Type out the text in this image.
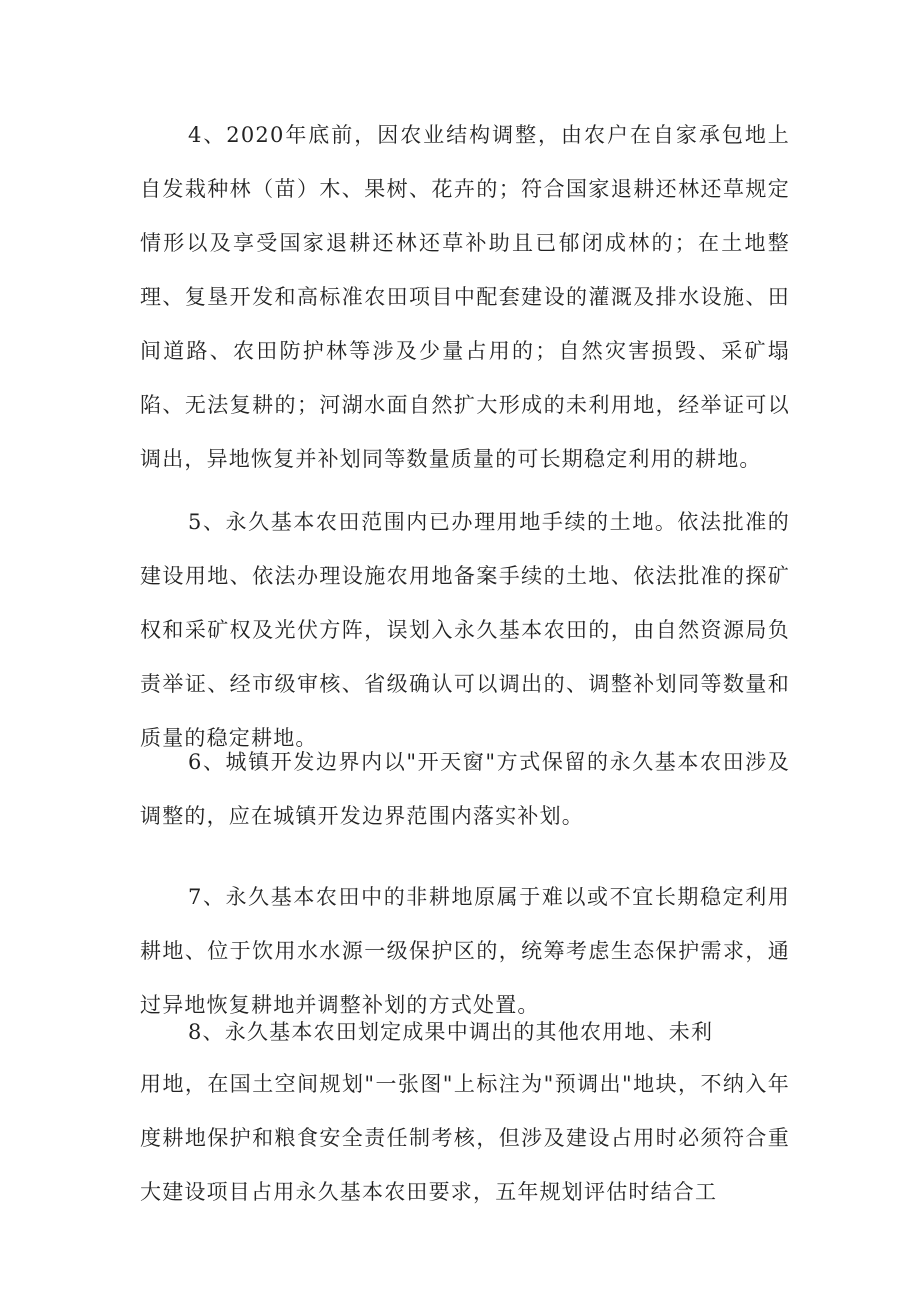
4、2020年底前，因农业结构调整，由农户在自家承包地上自发栽种林（苗）木、果树、花卉的；符合国家退耕还林还草规定情形以及享受国家退耕还林还草补助且已郁闭成林的；在土地整理、复垦开发和高标准农田项目中配套建设的灌溉及排水设施、田间道路、农田防护林等涉及少量占用的；自然灾害损毁、采矿塌陷、无法复耕的；河湖水面自然扩大形成的未利用地，经举证可以调出，异地恢复并补划同等数量质量的可长期稳定利用的耕地。

5、永久基本农田范围内已办理用地手续的土地。依法批准的建设用地、依法办理设施农用地备案手续的土地、依法批准的探矿权和采矿权及光伏方阵，误划入永久基本农田的，由自然资源局负责举证、经市级审核、省级确认可以调出的、调整补划同等数量和质量的稳定耕地。

6、城镇开发边界内以"开天窗"方式保留的永久基本农田涉及调整的，应在城镇开发边界范围内落实补划。

7、永久基本农田中的非耕地原属于难以或不宜长期稳定利用耕地、位于饮用水水源一级保护区的，统筹考虑生态保护需求，通过异地恢复耕地并调整补划的方式处置。

8、永久基本农田划定成果中调出的其他农用地、未利

用地，在国土空间规划"一张图"上标注为"预调出"地块，不纳入年度耕地保护和粮食安全责任制考核，但涉及建设占用时必须符合重大建设项目占用永久基本农田要求，五年规划评估时结合工
